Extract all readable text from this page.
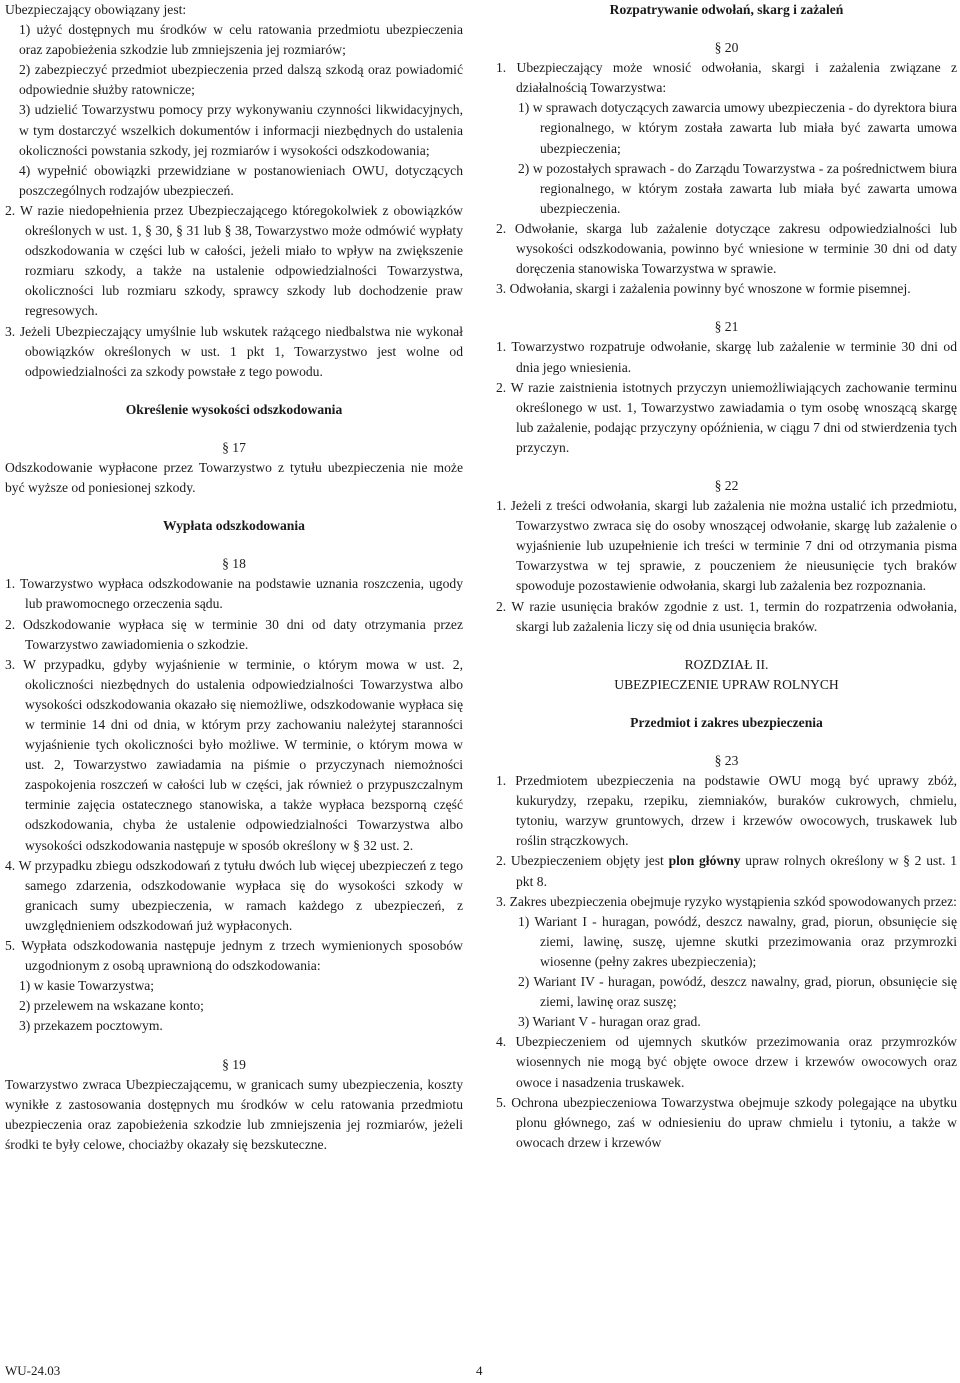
Ubezpieczający obowiązany jest:

1) użyć dostępnych mu środków w celu ratowania przedmiotu ubezpieczenia oraz zapobieżenia szkodzie lub zmniejszenia jej rozmiarów;

2) zabezpieczyć przedmiot ubezpieczenia przed dalszą szkodą oraz powiadomić odpowiednie służby ratownicze;

3) udzielić Towarzystwu pomocy przy wykonywaniu czynności likwidacyjnych, w tym dostarczyć wszelkich dokumentów i informacji niezbędnych do ustalenia okoliczności powstania szkody, jej rozmiarów i wysokości odszkodowania;

4) wypełnić obowiązki przewidziane w postanowieniach OWU, dotyczących poszczególnych rodzajów ubezpieczeń.

2. W razie niedopełnienia przez Ubezpieczającego któregokolwiek z obowiązków określonych w ust. 1, § 30, § 31 lub § 38, Towarzystwo może odmówić wypłaty odszkodowania w części lub w całości, jeżeli miało to wpływ na zwiększenie rozmiaru szkody, a także na ustalenie odpowiedzialności Towarzystwa, okoliczności lub rozmiaru szkody, sprawcy szkody lub dochodzenie praw regresowych.

3. Jeżeli Ubezpieczający umyślnie lub wskutek rażącego niedbalstwa nie wykonał obowiązków określonych w ust. 1 pkt 1, Towarzystwo jest wolne od odpowiedzialności za szkody powstałe z tego powodu.

Określenie wysokości odszkodowania

§ 17

Odszkodowanie wypłacone przez Towarzystwo z tytułu ubezpieczenia nie może być wyższe od poniesionej szkody.

Wypłata odszkodowania

§ 18

1. Towarzystwo wypłaca odszkodowanie na podstawie uznania roszczenia, ugody lub prawomocnego orzeczenia sądu.

2. Odszkodowanie wypłaca się w terminie 30 dni od daty otrzymania przez Towarzystwo zawiadomienia o szkodzie.

3. W przypadku, gdyby wyjaśnienie w terminie, o którym mowa w ust. 2, okoliczności niezbędnych do ustalenia odpowiedzialności Towarzystwa albo wysokości odszkodowania okazało się niemożliwe, odszkodowanie wypłaca się w terminie 14 dni od dnia, w którym przy zachowaniu należytej staranności wyjaśnienie tych okoliczności było możliwe. W terminie, o którym mowa w ust. 2, Towarzystwo zawiadamia na piśmie o przyczynach niemożności zaspokojenia roszczeń w całości lub w części, jak również o przypuszczalnym terminie zajęcia ostatecznego stanowiska, a także wypłaca bezsporną część odszkodowania, chyba że ustalenie odpowiedzialności Towarzystwa albo wysokości odszkodowania następuje w sposób określony w § 32 ust. 2.

4. W przypadku zbiegu odszkodowań z tytułu dwóch lub więcej ubezpieczeń z tego samego zdarzenia, odszkodowanie wypłaca się do wysokości szkody w granicach sumy ubezpieczenia, w ramach każdego z ubezpieczeń, z uwzględnieniem odszkodowań już wypłaconych.

5. Wypłata odszkodowania następuje jednym z trzech wymienionych sposobów uzgodnionym z osobą uprawnioną do odszkodowania:

1) w kasie Towarzystwa;

2) przelewem na wskazane konto;

3) przekazem pocztowym.

§ 19

Towarzystwo zwraca Ubezpieczającemu, w granicach sumy ubezpieczenia, koszty wynikłe z zastosowania dostępnych mu środków w celu ratowania przedmiotu ubezpieczenia oraz zapobieżenia szkodzie lub zmniejszenia jej rozmiarów, jeżeli środki te były celowe, chociażby okazały się bezskuteczne.

Rozpatrywanie odwołań, skarg i zażaleń

§ 20

1. Ubezpieczający może wnosić odwołania, skargi i zażalenia związane z działalnością Towarzystwa:

1) w sprawach dotyczących zawarcia umowy ubezpieczenia - do dyrektora biura regionalnego, w którym została zawarta lub miała być zawarta umowa ubezpieczenia;

2) w pozostałych sprawach - do Zarządu Towarzystwa - za pośrednictwem biura regionalnego, w którym została zawarta lub miała być zawarta umowa ubezpieczenia.

2. Odwołanie, skarga lub zażalenie dotyczące zakresu odpowiedzialności lub wysokości odszkodowania, powinno być wniesione w terminie 30 dni od daty doręczenia stanowiska Towarzystwa w sprawie.

3. Odwołania, skargi i zażalenia powinny być wnoszone w formie pisemnej.

§ 21

1. Towarzystwo rozpatruje odwołanie, skargę lub zażalenie w terminie 30 dni od dnia jego wniesienia.

2. W razie zaistnienia istotnych przyczyn uniemożliwiających zachowanie terminu określonego w ust. 1, Towarzystwo zawiadamia o tym osobę wnoszącą skargę lub zażalenie, podając przyczyny opóźnienia, w ciągu 7 dni od stwierdzenia tych przyczyn.

§ 22

1. Jeżeli z treści odwołania, skargi lub zażalenia nie można ustalić ich przedmiotu, Towarzystwo zwraca się do osoby wnoszącej odwołanie, skargę lub zażalenie o wyjaśnienie lub uzupełnienie ich treści w terminie 7 dni od otrzymania pisma Towarzystwa w tej sprawie, z pouczeniem że nieusunięcie tych braków spowoduje pozostawienie odwołania, skargi lub zażalenia bez rozpoznania.

2. W razie usunięcia braków zgodnie z ust. 1, termin do rozpatrzenia odwołania, skargi lub zażalenia liczy się od dnia usunięcia braków.

ROZDZIAŁ II.

UBEZPIECZENIE UPRAW ROLNYCH

Przedmiot i zakres ubezpieczenia

§ 23

1. Przedmiotem ubezpieczenia na podstawie OWU mogą być uprawy zbóż, kukurydzy, rzepaku, rzepiku, ziemniaków, buraków cukrowych, chmielu, tytoniu, warzyw gruntowych, drzew i krzewów owocowych, truskawek lub roślin strączkowych.

2. Ubezpieczeniem objęty jest plon główny upraw rolnych określony w § 2 ust. 1 pkt 8.

3. Zakres ubezpieczenia obejmuje ryzyko wystąpienia szkód spowodowanych przez:

1) Wariant I - huragan, powódź, deszcz nawalny, grad, piorun, obsunięcie się ziemi, lawinę, suszę, ujemne skutki przezimowania oraz przymrozki wiosenne (pełny zakres ubezpieczenia);

2) Wariant IV - huragan, powódź, deszcz nawalny, grad, piorun, obsunięcie się ziemi, lawinę oraz suszę;

3) Wariant V - huragan oraz grad.

4. Ubezpieczeniem od ujemnych skutków przezimowania oraz przymrozków wiosennych nie mogą być objęte owoce drzew i krzewów owocowych oraz owoce i nasadzenia truskawek.

5. Ochrona ubezpieczeniowa Towarzystwa obejmuje szkody polegające na ubytku plonu głównego, zaś w odniesieniu do upraw chmielu i tytoniu, a także w owocach drzew i krzewów

WU-24.03	4
